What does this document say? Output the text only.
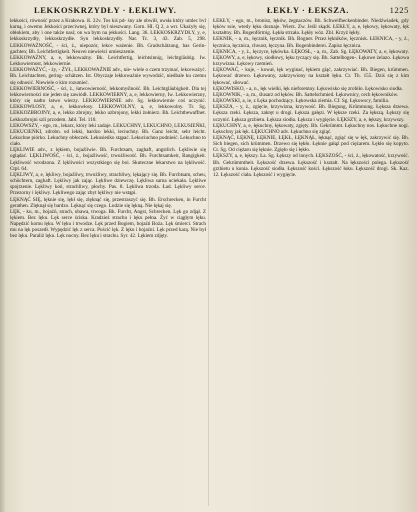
LEKKOSKRZYDŁY · ŁEKLIWY.	ŁEKŁY · ŁEKSZA.	1225

lekkości, równość przez a Krakowa. iš. 22v. Tos kiś pd- śny ale obwilł, uwsła ktdry umlec bvl karną, i owemu Jekkości przeciwnej, który byl nieszwany. Gorn. HI. Q 2, a wrr. Ukażyły się, obłokiem, aby i one także nasi; on wa bym na jekkości. Lang. 36. LEKKOSKRZYDŁY, y, e, lekkoskrzydły, lekkoskrzydłe. Syn lekkoskrzydły. Nar. Tc. 3, 43. Zab. 5, 298. LEKKOWAŻNOŚĆ, - ści, ż., niepozór, lekce ważenie. Bh. Gradschätzung, bas Gerin- gachten; Bh. Leichtfertigkeit. Neuvei niewieści umieszzenie.

LEKKOWAŻNY, a, e, lekkoważny. Bk. Leichtfertig, leichtsinnig, leichtgläubig. Iw. Lekkowiernost, lekkowiernie.

LEKKOWAŻYĆ, - ży, - ŻYŁ, LEKKOWAŻNIE adv., nie- wiele o czem trzymać, lekceważyć. Bh. Leichtachten, gering- schätzen. Ist. Obyczaje lekkowaźnie wywodzić, niedbale ku czemu się odnosić. Niewiele o kim rozumieć.

LEKKOWIERNOŚĆ, - ści, ż., łatwowierność, lekkomyślność. Bh. Leichtgläubigkeit. Dla tej lekkowierności nie jeden się zawiódł. LEKKOWIERNY, a, e, lekkowierny, Iw. Lekkowierzny, który się nadto łatwo wierzy. LEKKOWIERNIE adv. Sg. lekkowiernie coś uczynić. LEKKOWŁOSY, a, e, lekkowłosy. LEKKOWOLNY, a, e, lekkowolny. Tr. Sg. LEKKOZBROJNY, a, e, lekko zbrojny, lekko uzbrojony, lekki żołnierz. Bh. Leichtbewaffnet. Lekkozbrojni szli przodem. Jabl. Tel. 110.

LEKOWSZY, - ego, m., lekarz, który leki zadaje. LEKUCHNY, LEKUCHNO, LEKUSIEŃKI, LEKUCIEŃKI, zdrobn. od lekki, bardzo lekki, leciuchny. Bh. Ganz leicht, sehr leicht. Lekuchne piórko. Lekuchny obłoczek. Lekusieńko stąpać. Lekuciuchno podnieść. Lekuchno to ciało.

LĘKLIWIE adv., z lękiem, bojaźliwie. Bh. Furchtsam, zaghaft, angstlich. Lękliwie się oglądać. LĘKLIWOŚĆ, - ści, ż., bojaźliwość, trwożliwość. Bh. Furchtsamkeit, Bangigkeit. Lękliwość wrodzona. Z lękliwości wszystkiego się boi. Skuteczne lekarstwo na lękliwość. Ctpl. 64.

LĘKLIWY, a, e, lękliwy, bojaźliwy, trwożliwy, strachliwy, lękający się. Bh. Furchtsam, scheu, schüchtern, zaghaft. Lękliwy jak zając. Lękliwe dziewczę. Lękliwa sarna uciekała. Lękliwe spojrzenie. Lękliwy koń, strachliwy, płochy. Pas. 8. Lękliwa trzoda. Ład. Lękliwy serce. Przezorny i lękliwy. Lękliwego zając zbyt lękliwy nie wstąpi.

LĘKNĄĆ SIĘ, lęknie się, lękł się, zlęknąć się, przestraszyć się. Bh. Erschrecken, in Furcht gerathen. Zlęknął się bardzo. Lęknąć się czego. Ludzie się lękną. Nie lękaj się.

LĘK, - ku, m., bojaźń, strach, obawa, trwoga. Bh. Furcht, Angst, Schrecken. Lęk go zdjął. Z lękiem. Bez lęku. Lęk serce ściska. Kradzież strachu i lęku pełna. Żyć w ciągłym lęku. Napędzić komu lęku. W lęku i trwodze. Lęk przed Bogiem, bojaźń Boża. Lęk śmierci. Strach mu na lęk poszedł. Wypędzić lęk z serca. Puścić lęk. Z lęku i bojaźni. Lęk przed karą. Nie był bez lęku. Paraliż lęku. Lęk nocny. Bez lęku i strachu. Syr. 42. Lękiem zdjęty.

ŁEKŁY, - ego, m., bronisz, łęków, żegnaczów. Bh. Schweifheckenbinder. Niedźwiadek, gdy łęków ssie, wtedy łęku doznaje. Wierz. Zw. Jeśli skądś. ŁEKŁY, a, e, łękowy, łękowaty, łęk kształtny. Bh. Bogenförmig. Łękła strzała. Łękły wóz. Zbl. Krzyż łękły.

ŁEKNIK, - a, m., łęcznik, łęcznik. Bh. Bogner. Przez łękników, łęcznisk. ŁEKNICA, - y, ż., łęcznica, łęcznica, chwast, łęczyna. Bh. Bogenbinderei. Zapisz łęcznica.

ŁĘKNICA, - y, ż., łęczyce, łękówka. ŁĘKOSŁ, - a, m., Zab. Sg. ŁĘKOWATY, a, e, łękowaty. ŁĘKOWY, a, e, łękowy, siodłowy, łęku tyczący się. Bh. Sattelbogen-. Łękowe żelazo. Łękowa krzywizna. Łękowy rzemień.

ŁĘKOWAĆ, - kuje, - kował, łęk wyginać, łękiem giąć, zakrzywiać. Bh. Biegen, krümmen. Łękować drzewo. Łękowany, zakrzywiony na kształt łęku. Cr. Th. 155. Dziś się z kim łękować, siłować.

ŁĘKOWISKO, - a, n., łęk wielki, łęk nieforemny. Łękowisko się zrobiło. Łękowisko siodła.

ŁĘKOWNIK, - a, m., ślusarz od łęków. Bh. Sattelschmied. Łękownicy, cech łękowników.

ŁĘKOWSKI, a, ie, z Łęka pochodzący. Łękowska ziemia. Cf. Sg. Łękowscy, familia.

ŁĘKSZA, - y, ż., zgięcie, krzywizna, krzywość. Bh. Biegung, Krümmung. Łększa drzewa. Łększa rzeki. Łększa, zakręt u drogi. Łększa gałęzi. W łększe rzeki. Za łększą. Łększy się uczynić. Łększa grzbietu. Łększa siodła. Łększa i wygięcie. ŁĘKSZY, a, e, łększy, krzywszy.

ŁĘKUCHNY, a, e, łękuchny, łękowaty, zgięty. Bh. Gekrümmt. Łękuchny nos. Łękuchne nogi. Łękuchny jak łęk. ŁĘKUCHNO adv. Łękuchno się zgiąć.

ŁĘKNĄĆ, ŁĘKNĘ, ŁĘKNIE, ŁĘKŁ, ŁĘKNĄŁ, łęknąć, zgiąć się w łęk, zakrzywić się. Bh. Sich biegen, sich krümmen. Drzewo się łękło. Łęknie gałąź pod ciężarem. Łękło się kopyto. Cr. Sg. Od ciężaru się łęknie. Zgięło się i łękło.

ŁĘKSZY, a, e, łększy. Ła. Sg. Łększy od innych. ŁĘKSZOŚĆ, - ści, ż., łękowatość, krzywość. Bh. Gekrümmtheit. Łększość drzewa. Łększość i kształt. Na łększości polega. Łększość grzbietu u konia. Łększość siodła. Łększość kości. Łększość łuku. Łększość drogi. Sk. Kaz. 12. Łększość ciała. Łększość i wygięcie.
